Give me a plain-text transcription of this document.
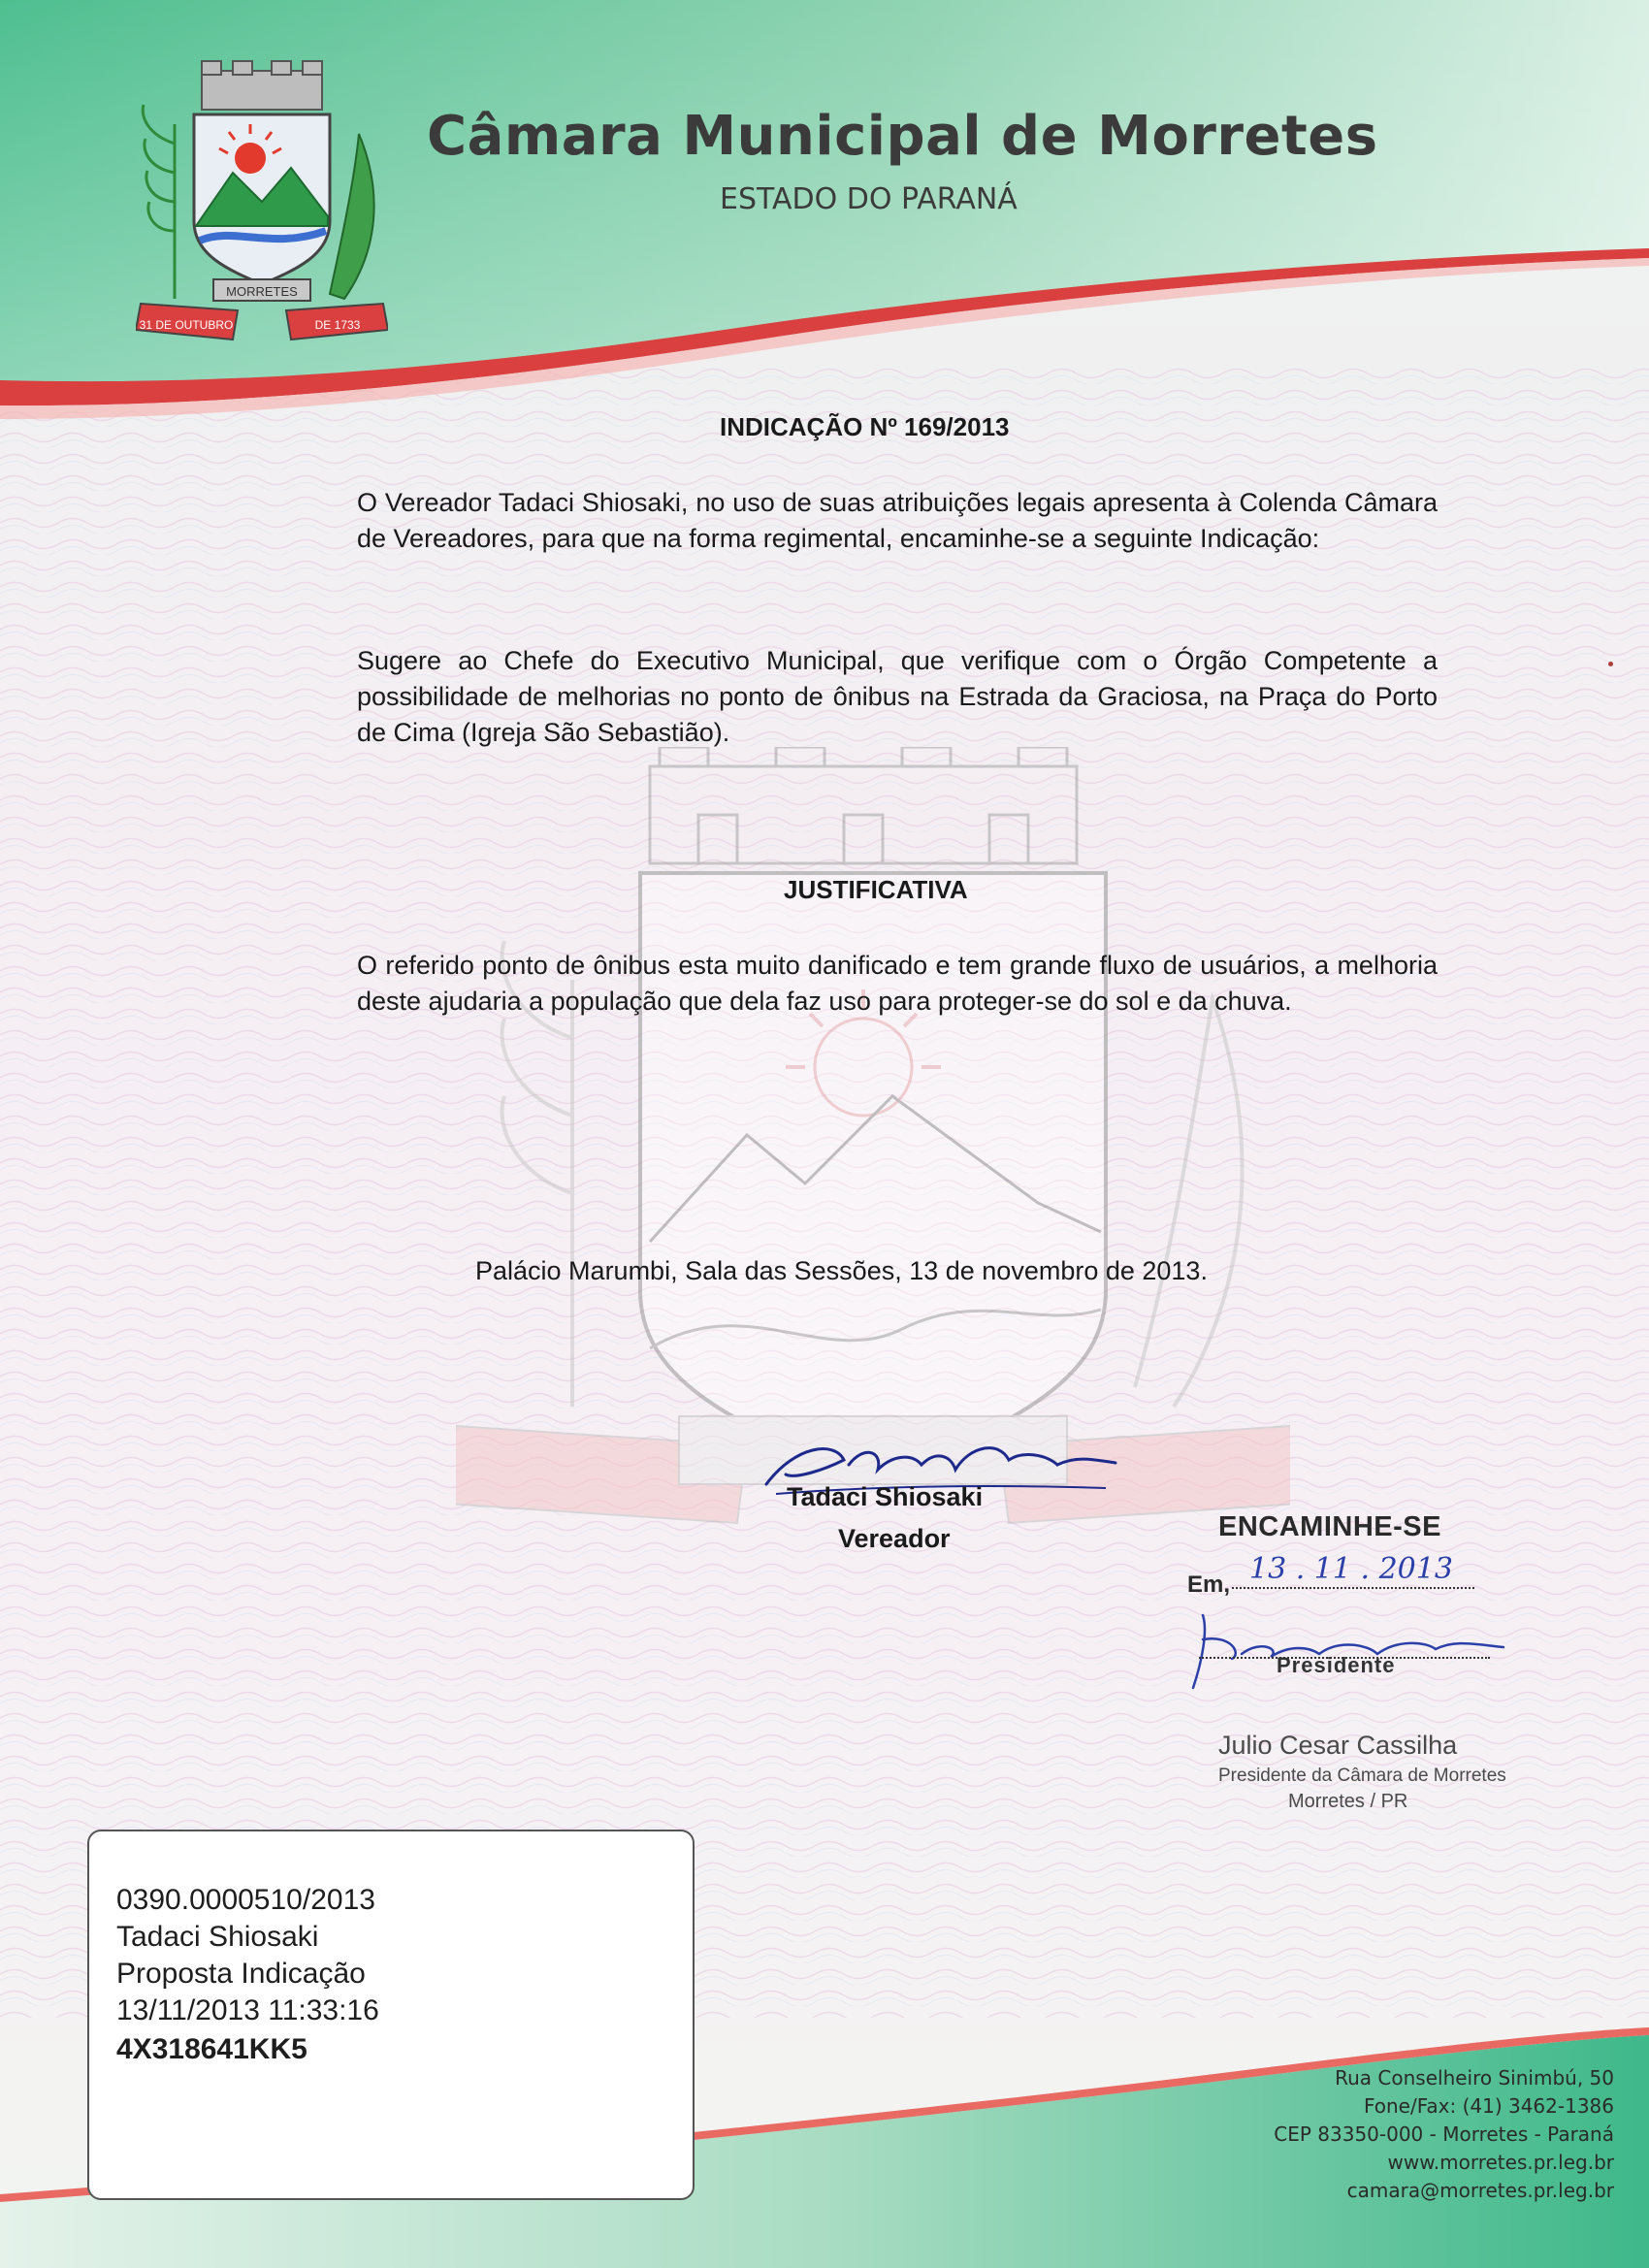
MORRETES
31 DE OUTUBRO	DE 1733
Câmara Municipal de Morretes
ESTADO DO PARANÁ
INDICAÇÃO Nº 169/2013
O Vereador Tadaci Shiosaki, no uso de suas atribuições legais apresenta à Colenda Câmara de Vereadores, para que na forma regimental, encaminhe-se a seguinte Indicação:
Sugere ao Chefe do Executivo Municipal, que verifique com o Órgão Competente a possibilidade de melhorias no ponto de ônibus na Estrada da Graciosa, na Praça do Porto de Cima (Igreja São Sebastião).
JUSTIFICATIVA
O referido ponto de ônibus esta muito danificado e tem grande fluxo de usuários, a melhoria deste ajudaria a população que dela faz uso para proteger-se do sol e da chuva.
Palácio Marumbi, Sala das Sessões, 13 de novembro de 2013.
Tadaci Shiosaki
Vereador	ENCAMINHE-SE
Em, 13 . 11 . 2013
Presidente
Julio Cesar Cassilha
Presidente da Câmara de Morretes
Morretes / PR
0390.0000510/2013
Tadaci Shiosaki
Proposta Indicação
13/11/2013 11:33:16
4X318641KK5
Rua Conselheiro Sinimbú, 50
Fone/Fax: (41) 3462-1386
CEP 83350-000 - Morretes - Paraná
www.morretes.pr.leg.br
camara@morretes.pr.leg.br
